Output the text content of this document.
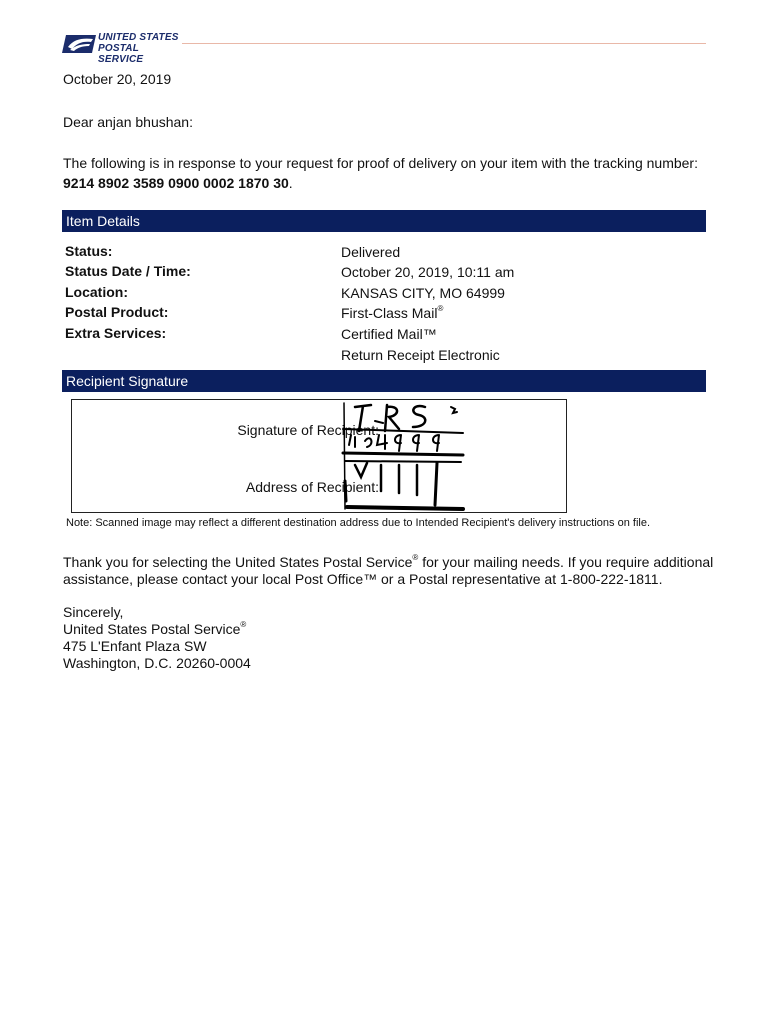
UNITED STATES
POSTAL SERVICE
October 20, 2019
Dear anjan bhushan:
The following is in response to your request for proof of delivery on your item with the tracking number:
9214 8902 3589 0900 0002 1870 30.
Item Details
Status:
Status Date / Time:
Location:
Postal Product:
Extra Services:
Delivered
October 20, 2019, 10:11 am
KANSAS CITY, MO 64999
First-Class Mail®
Certified Mail™
Return Receipt Electronic
Recipient Signature
Signature of Recipient:
Address of Recipient:
Note: Scanned image may reflect a different destination address due to Intended Recipient's delivery instructions on file.
Thank you for selecting the United States Postal Service® for your mailing needs. If you require additional
assistance, please contact your local Post Office™ or a Postal representative at 1-800-222-1811.
Sincerely,
United States Postal Service®
475 L'Enfant Plaza SW
Washington, D.C. 20260-0004
